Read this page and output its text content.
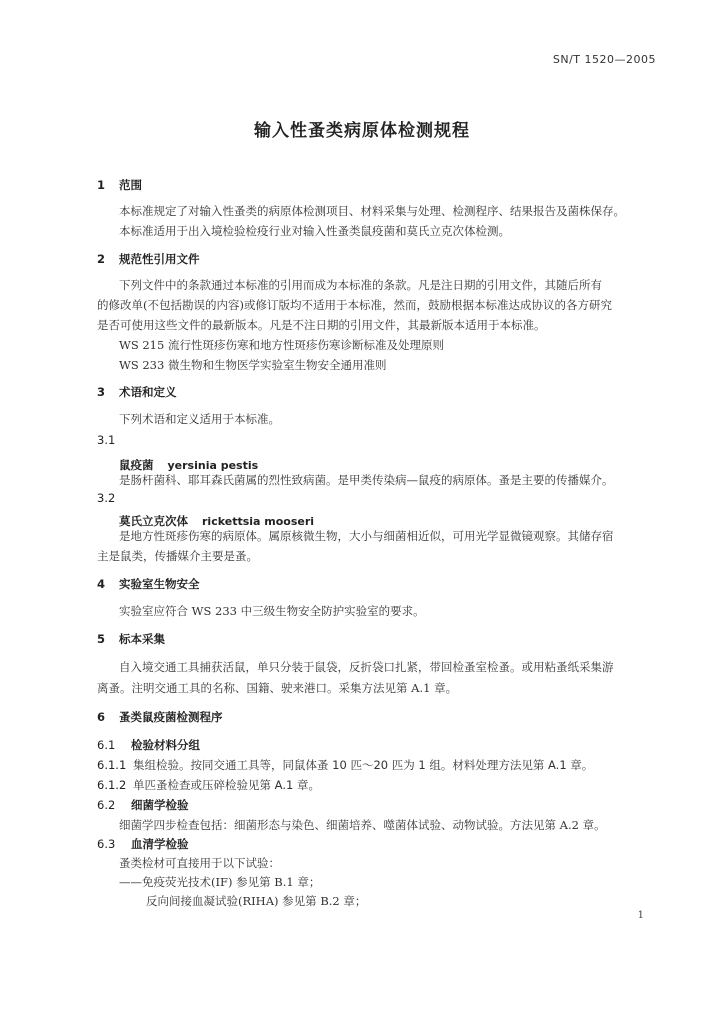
SN/T 1520—2005
输入性蚤类病原体检测规程
1 范围
本标准规定了对输入性蚤类的病原体检测项目、材料采集与处理、检测程序、结果报告及菌株保存。
本标准适用于出入境检验检疫行业对输入性蚤类鼠疫菌和莫氏立克次体检测。
2 规范性引用文件
下列文件中的条款通过本标准的引用而成为本标准的条款。凡是注日期的引用文件，其随后所有
的修改单(不包括勘误的内容)或修订版均不适用于本标准，然而，鼓励根据本标准达成协议的各方研究
是否可使用这些文件的最新版本。凡是不注日期的引用文件，其最新版本适用于本标准。
WS 215 流行性斑疹伤寒和地方性斑疹伤寒诊断标准及处理原则
WS 233 微生物和生物医学实验室生物安全通用准则
3 术语和定义
下列术语和定义适用于本标准。
3.1
鼠疫菌 yersinia pestis
是肠杆菌科、耶耳森氏菌属的烈性致病菌。是甲类传染病—鼠疫的病原体。蚤是主要的传播媒介。
3.2
莫氏立克次体 rickettsia mooseri
是地方性斑疹伤寒的病原体。属原核微生物，大小与细菌相近似，可用光学显微镜观察。其储存宿
主是鼠类，传播媒介主要是蚤。
4 实验室生物安全
实验室应符合 WS 233 中三级生物安全防护实验室的要求。
5 标本采集
自入境交通工具捕获活鼠，单只分装于鼠袋，反折袋口扎紧，带回检蚤室检蚤。或用粘蚤纸采集游
离蚤。注明交通工具的名称、国籍、驶来港口。采集方法见第 A.1 章。
6 蚤类鼠疫菌检测程序
6.1 检验材料分组
6.1.1 集组检验。按同交通工具等，同鼠体蚤 10 匹～20 匹为 1 组。材料处理方法见第 A.1 章。
6.1.2 单匹蚤检查或压碎检验见第 A.1 章。
6.2 细菌学检验
细菌学四步检查包括：细菌形态与染色、细菌培养、噬菌体试验、动物试验。方法见第 A.2 章。
6.3 血清学检验
蚤类检材可直接用于以下试验：
——免疫荧光技术(IF) 参见第 B.1 章；
反向间接血凝试验(RIHA) 参见第 B.2 章；
1
